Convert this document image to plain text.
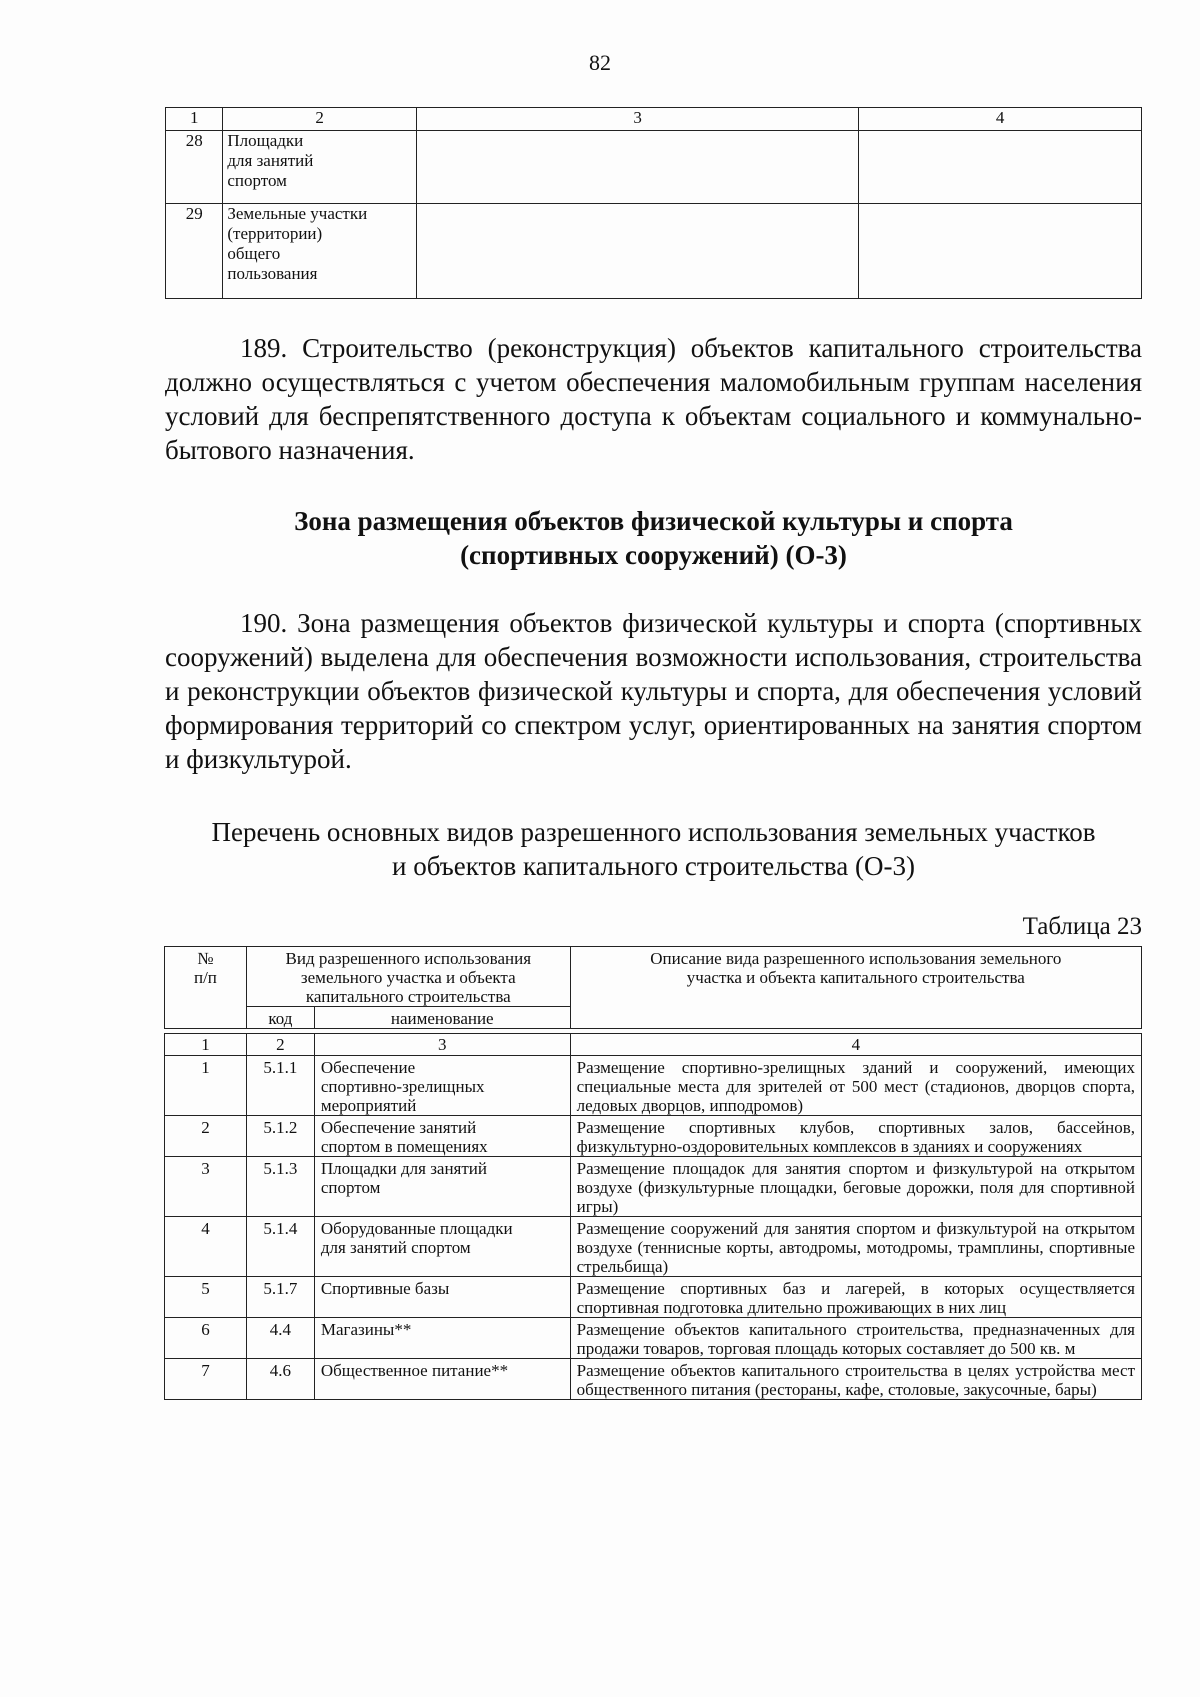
82
1	2	3	4
28	Площадки
для занятий
спортом		
29	Земельные участки
(территории)
общего
пользования		
189. Строительство (реконструкция) объектов капитального строительства должно осуществляться с учетом обеспечения маломобильным группам населения условий для беспрепятственного доступа к объектам социального и коммунально-бытового назначения.
Зона размещения объектов физической культуры и спорта
(спортивных сооружений) (О-3)
190. Зона размещения объектов физической культуры и спорта (спортивных сооружений) выделена для обеспечения возможности использования, строительства и реконструкции объектов физической культуры и спорта, для обеспечения условий формирования территорий со спектром услуг, ориентированных на занятия спортом и физкультурой.
Перечень основных видов разрешенного использования земельных участков
и объектов капитального строительства (О-3)
Таблица 23
№
п/п	Вид разрешенного использования
земельного участка и объекта
капитального строительства		Описание вида разрешенного использования земельного
участка и объекта капитального строительства
	код	наименование	

1	2	3	4
1	5.1.1	Обеспечение
спортивно-зрелищных
мероприятий	Размещение спортивно-зрелищных зданий и сооружений, имеющих специальные места для зрителей от 500 мест (стадионов, дворцов спорта, ледовых дворцов, ипподромов)
2	5.1.2	Обеспечение занятий
спортом в помещениях	Размещение спортивных клубов, спортивных залов, бассейнов, физкультурно-оздоровительных комплексов в зданиях и сооружениях
3	5.1.3	Площадки для занятий
спортом	Размещение площадок для занятия спортом и физкультурой на открытом воздухе (физкультурные площадки, беговые дорожки, поля для спортивной игры)
4	5.1.4	Оборудованные площадки
для занятий спортом	Размещение сооружений для занятия спортом и физкультурой на открытом воздухе (теннисные корты, автодромы, мотодромы, трамплины, спортивные стрельбища)
5	5.1.7	Спортивные базы	Размещение спортивных баз и лагерей, в которых осуществляется спортивная подготовка длительно проживающих в них лиц
6	4.4	Магазины**	Размещение объектов капитального строительства, предназначенных для продажи товаров, торговая площадь которых составляет до 500 кв. м
7	4.6	Общественное питание**	Размещение объектов капитального строительства в целях устройства мест общественного питания (рестораны, кафе, столовые, закусочные, бары)
